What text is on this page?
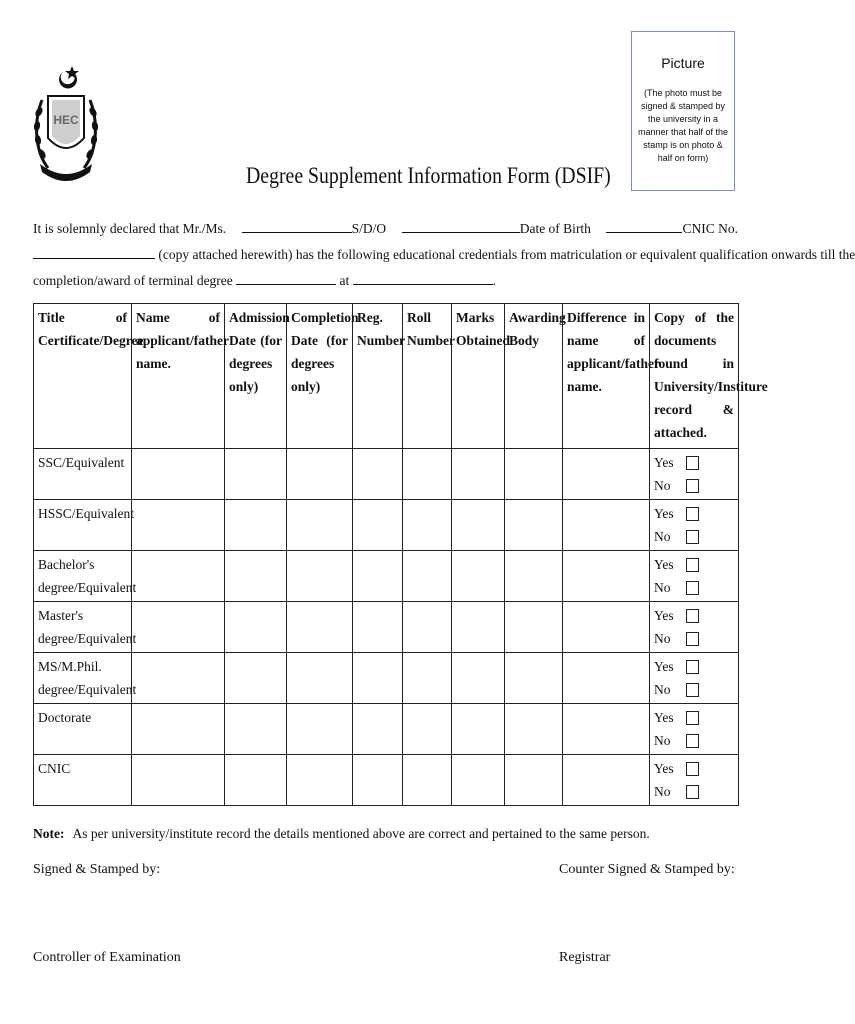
HEC
Picture
(The photo must be signed & stamped by the university in a manner that half of the stamp is on photo & half on form)
Degree Supplement Information Form (DSIF)
It is solemnly declared that Mr./Ms.	S/D/O	Date of Birth	CNIC No.
(copy attached herewith) has the following educational credentials from matriculation or equivalent qualification onwards till the
completion/award of terminal degree	at	.
Title of Certificate/Degree	Name of applicant/father name.	Admission Date (for degrees only)	Completion Date (for degrees only)	Reg. Number	Roll Number	Marks Obtained	Awarding Body	Difference in name of applicant/father name.	Copy of the documents found in University/Institure record & attached.
SSC/Equivalent									Yes
No

HSSC/Equivalent									Yes
No

Bachelor's degree/Equivalent									Yes
No

Master's degree/Equivalent									Yes
No

MS/M.Phil. degree/Equivalent									Yes
No

Doctorate									Yes
No

CNIC									Yes
No
Note: As per university/institute record the details mentioned above are correct and pertained to the same person.
Signed & Stamped by:	Counter Signed & Stamped by:
Controller of Examination	Registrar
